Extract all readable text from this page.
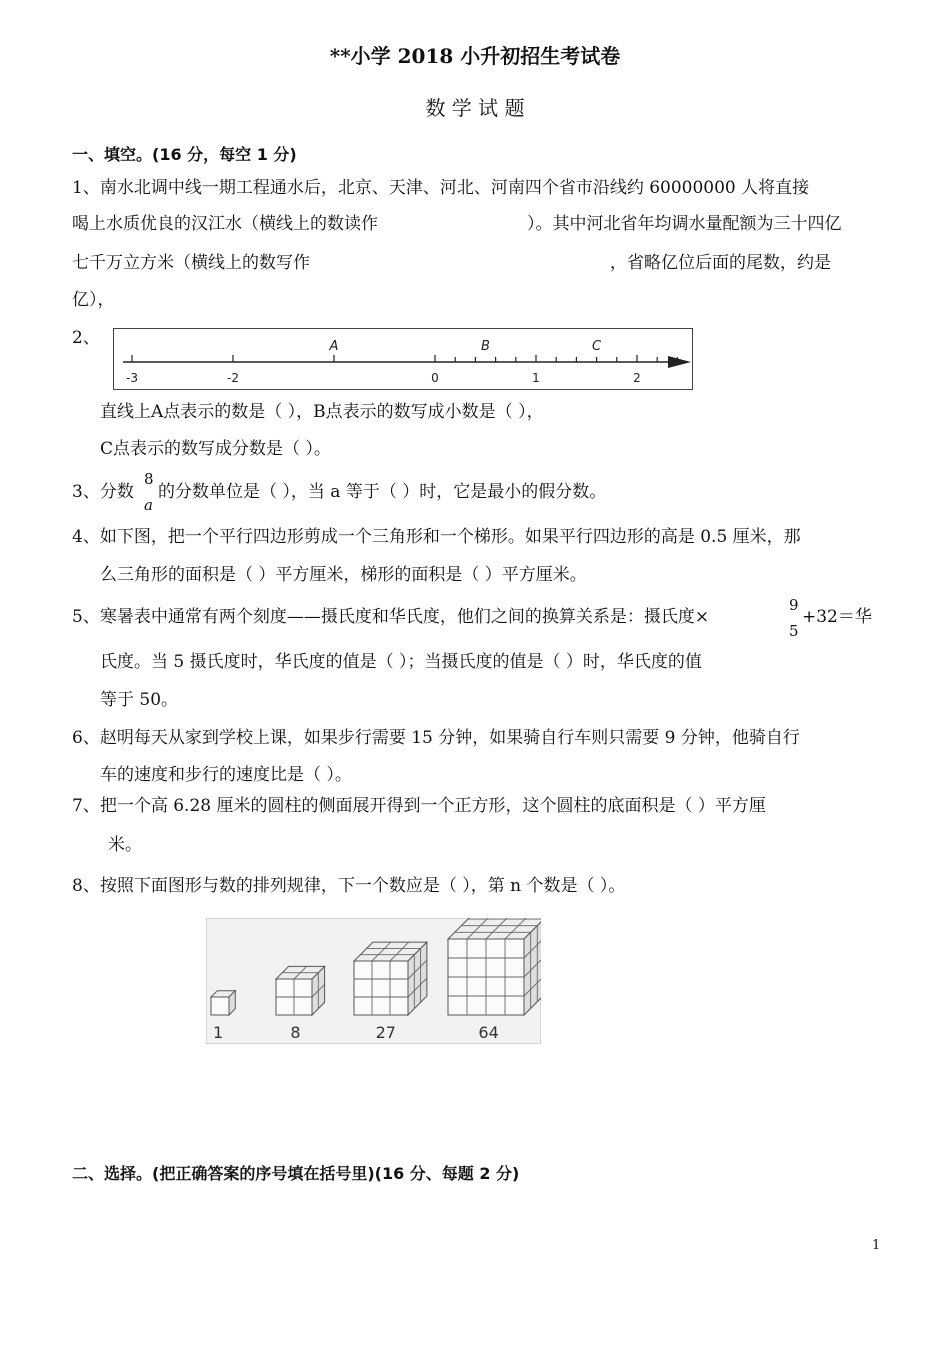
**小学 2018 小升初招生考试卷
数 学 试 题
一、填空。(16 分，每空 1 分)
1、南水北调中线一期工程通水后，北京、天津、河北、河南四个省市沿线约 60000000 人将直接
喝上水质优良的汉江水（横线上的数读作	）。其中河北省年均调水量配额为三十四亿
七千万立方米（横线上的数写作	，省略亿位后面的尾数，约是
亿），
2、
-3	-2	0	1	2
A	B	C
直线上A点表示的数是（ ），B点表示的数写成小数是（ ），
C点表示的数写成分数是（ ）。
3、分数
8
a
的分数单位是（ ），当 a 等于（ ）时，它是最小的假分数。
4、如下图，把一个平行四边形剪成一个三角形和一个梯形。如果平行四边形的高是 0.5 厘米，那
么三角形的面积是（ ）平方厘米，梯形的面积是（ ）平方厘米。
5、寒暑表中通常有两个刻度——摄氏度和华氏度，他们之间的换算关系是：摄氏度×
9
5
+32＝华
氏度。当 5 摄氏度时，华氏度的值是（ ）；当摄氏度的值是（ ）时，华氏度的值
等于 50。
6、赵明每天从家到学校上课，如果步行需要 15 分钟，如果骑自行车则只需要 9 分钟，他骑自行
车的速度和步行的速度比是（ ）。
7、把一个高 6.28 厘米的圆柱的侧面展开得到一个正方形，这个圆柱的底面积是（ ）平方厘
米。
8、按照下面图形与数的排列规律，下一个数应是（ ），第 n 个数是（ ）。
1	8	27	64
二、选择。(把正确答案的序号填在括号里)(16 分、每题 2 分)
1
